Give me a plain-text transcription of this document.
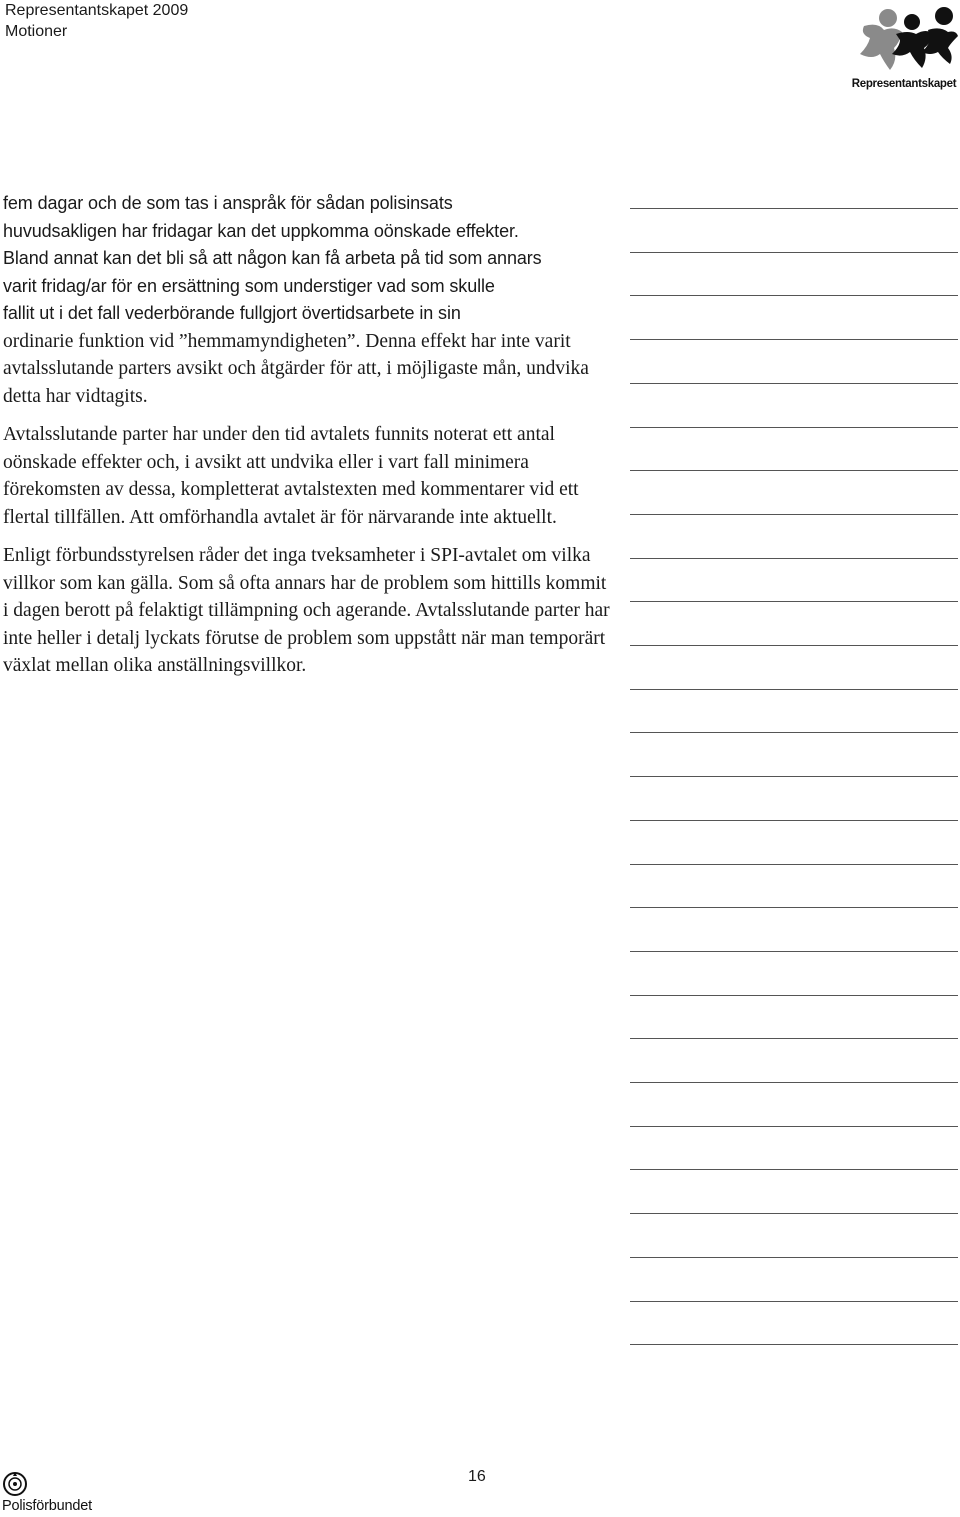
Representantskapet 2009
Motioner
Representantskapet

fem dagar och de som tas i anspråk för sådan polisinsats
huvudsakligen har fridagar kan det uppkomma oönskade effekter.
Bland annat kan det bli så att någon kan få arbeta på tid som annars
varit fridag/ar för en ersättning som understiger vad som skulle
fallit ut i det fall vederbörande fullgjort övertidsarbete in sin
ordinarie funktion vid ”hemmamyndigheten”. Denna effekt har inte varit avtalsslutande parters avsikt och åtgärder för att, i möjligaste mån, undvika detta har vidtagits.

Avtalsslutande parter har under den tid avtalets funnits noterat ett antal oönskade effekter och, i avsikt att undvika eller i vart fall minimera förekomsten av dessa, kompletterat avtalstexten med kommentarer vid ett flertal tillfällen. Att omförhandla avtalet är för närvarande inte aktuellt.

Enligt förbundsstyrelsen råder det inga tveksamheter i SPI-avtalet om vilka villkor som kan gälla. Som så ofta annars har de problem som hittills kommit i dagen berott på felaktigt tillämpning och agerande. Avtalsslutande parter har inte heller i detalj lyckats förutse de problem som uppstått när man temporärt växlat mellan olika anställningsvillkor.

16
Polisförbundet
